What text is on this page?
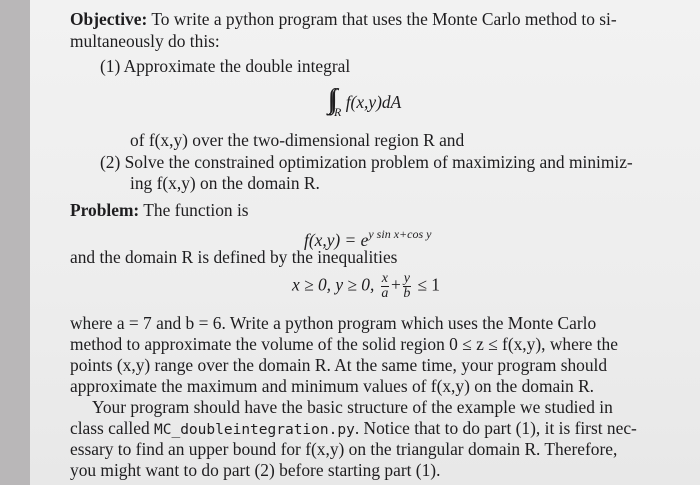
Objective: To write a python program that uses the Monte Carlo method to si-
multaneously do this:
(1) Approximate the double integral
$_R$ f(x,y)dA
of f(x,y) over the two-dimensional region R and
(2) Solve the constrained optimization problem of maximizing and minimiz-
ing f(x,y) on the domain R.
Problem: The function is
$f(x,y) = e^{y sin x+cos y}$
and the domain R is defined by the inequalities
x ≥ 0, y ≥ 0, $\frac{x}{a} + \frac{y}{b} \le 1$
where a = 7 and b = 6. Write a python program which uses the Monte Carlo
method to approximate the volume of the solid region 0 ≤ z ≤ f(x,y), where the
points (x,y) range over the domain R. At the same time, your program should
approximate the maximum and minimum values of f(x,y) on the domain R.
Your program should have the basic structure of the example we studied in
class called MC_doubleintegration.py. Notice that to do part (1), it is first nec-
essary to find an upper bound for f(x,y) on the triangular domain R. Therefore,
you might want to do part (2) before starting part (1).
